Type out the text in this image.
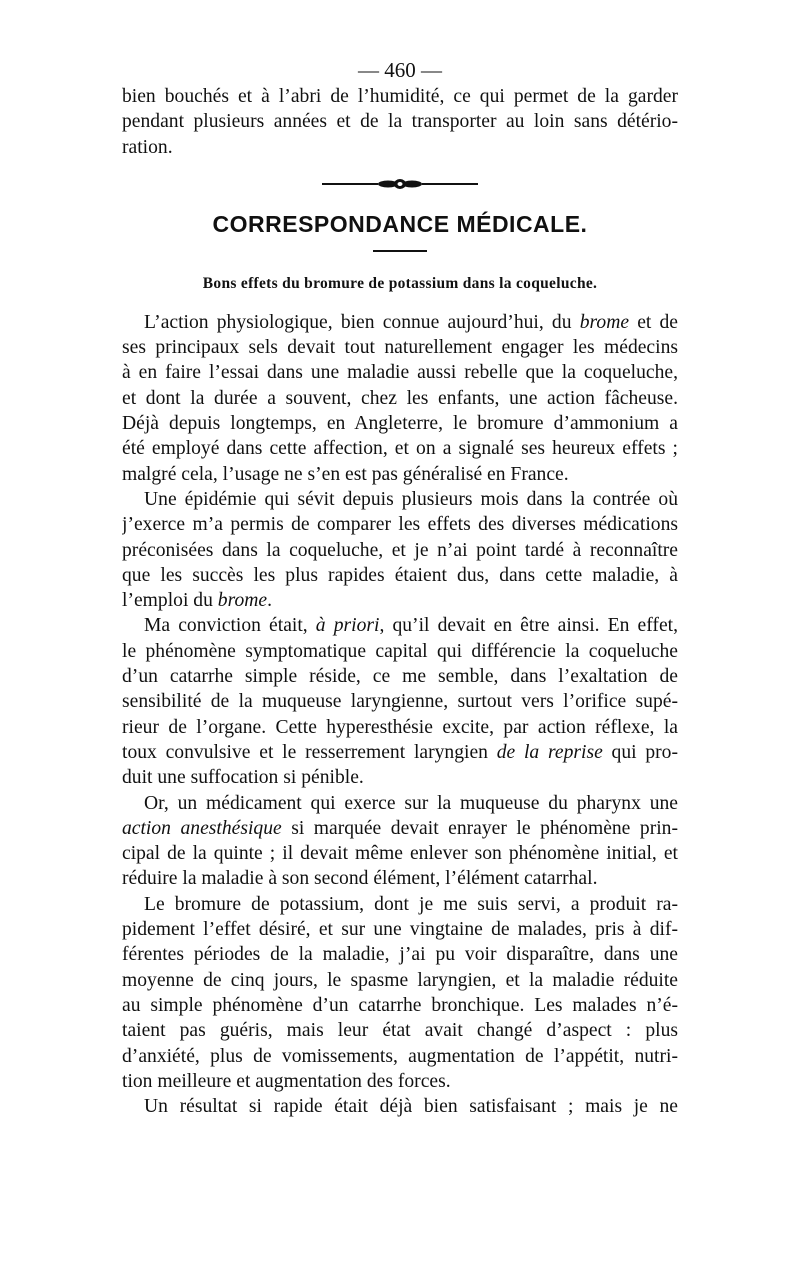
— 460 —
bien bouchés et à l’abri de l’humidité, ce qui permet de la garder
pendant plusieurs années et de la transporter au loin sans détério-
ration.
CORRESPONDANCE MÉDICALE.
Bons effets du bromure de potassium dans la coqueluche.
L’action physiologique, bien connue aujourd’hui, du brome et de
ses principaux sels devait tout naturellement engager les médecins
à en faire l’essai dans une maladie aussi rebelle que la coqueluche,
et dont la durée a souvent, chez les enfants, une action fâcheuse.
Déjà depuis longtemps, en Angleterre, le bromure d’ammonium a
été employé dans cette affection, et on a signalé ses heureux effets ;
malgré cela, l’usage ne s’en est pas généralisé en France.
Une épidémie qui sévit depuis plusieurs mois dans la contrée où
j’exerce m’a permis de comparer les effets des diverses médications
préconisées dans la coqueluche, et je n’ai point tardé à reconnaître
que les succès les plus rapides étaient dus, dans cette maladie, à
l’emploi du brome.
Ma conviction était, à priori, qu’il devait en être ainsi. En effet,
le phénomène symptomatique capital qui différencie la coqueluche
d’un catarrhe simple réside, ce me semble, dans l’exaltation de
sensibilité de la muqueuse laryngienne, surtout vers l’orifice supé-
rieur de l’organe. Cette hyperesthésie excite, par action réflexe, la
toux convulsive et le resserrement laryngien de la reprise qui pro-
duit une suffocation si pénible.
Or, un médicament qui exerce sur la muqueuse du pharynx une
action anesthésique si marquée devait enrayer le phénomène prin-
cipal de la quinte ; il devait même enlever son phénomène initial, et
réduire la maladie à son second élément, l’élément catarrhal.
Le bromure de potassium, dont je me suis servi, a produit ra-
pidement l’effet désiré, et sur une vingtaine de malades, pris à dif-
férentes périodes de la maladie, j’ai pu voir disparaître, dans une
moyenne de cinq jours, le spasme laryngien, et la maladie réduite
au simple phénomène d’un catarrhe bronchique. Les malades n’é-
taient pas guéris, mais leur état avait changé d’aspect : plus
d’anxiété, plus de vomissements, augmentation de l’appétit, nutri-
tion meilleure et augmentation des forces.
Un résultat si rapide était déjà bien satisfaisant ; mais je ne
